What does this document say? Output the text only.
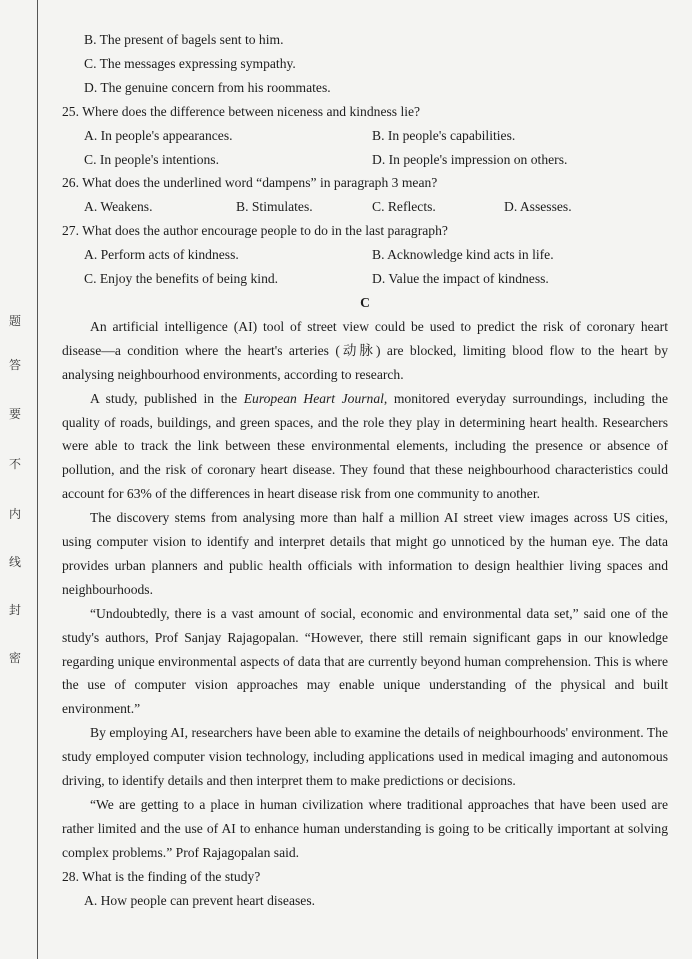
题
答
要
不
内
线
封
密
B. The present of bagels sent to him.
C. The messages expressing sympathy.
D. The genuine concern from his roommates.
25. Where does the difference between niceness and kindness lie?
A. In people's appearances.	B. In people's capabilities.
C. In people's intentions.	D. In people's impression on others.
26. What does the underlined word “dampens” in paragraph 3 mean?
A. Weakens.	B. Stimulates.	C. Reflects.	D. Assesses.
27. What does the author encourage people to do in the last paragraph?
A. Perform acts of kindness.	B. Acknowledge kind acts in life.
C. Enjoy the benefits of being kind.	D. Value the impact of kindness.
C
An artificial intelligence (AI) tool of street view could be used to predict the risk of coronary heart disease—a condition where the heart's arteries (动脉) are blocked, limiting blood flow to the heart by analysing neighbourhood environments, according to research.
A study, published in the European Heart Journal, monitored everyday surroundings, including the quality of roads, buildings, and green spaces, and the role they play in determining heart health. Researchers were able to track the link between these environmental elements, including the presence or absence of pollution, and the risk of coronary heart disease. They found that these neighbourhood characteristics could account for 63% of the differences in heart disease risk from one community to another.
The discovery stems from analysing more than half a million AI street view images across US cities, using computer vision to identify and interpret details that might go unnoticed by the human eye. The data provides urban planners and public health officials with information to design healthier living spaces and neighbourhoods.
“Undoubtedly, there is a vast amount of social, economic and environmental data set,” said one of the study's authors, Prof Sanjay Rajagopalan. “However, there still remain significant gaps in our knowledge regarding unique environmental aspects of data that are currently beyond human comprehension. This is where the use of computer vision approaches may enable unique understanding of the physical and built environment.”
By employing AI, researchers have been able to examine the details of neighbourhoods' environment. The study employed computer vision technology, including applications used in medical imaging and autonomous driving, to identify details and then interpret them to make predictions or decisions.
“We are getting to a place in human civilization where traditional approaches that have been used are rather limited and the use of AI to enhance human understanding is going to be critically important at solving complex problems.” Prof Rajagopalan said.
28. What is the finding of the study?
A. How people can prevent heart diseases.
